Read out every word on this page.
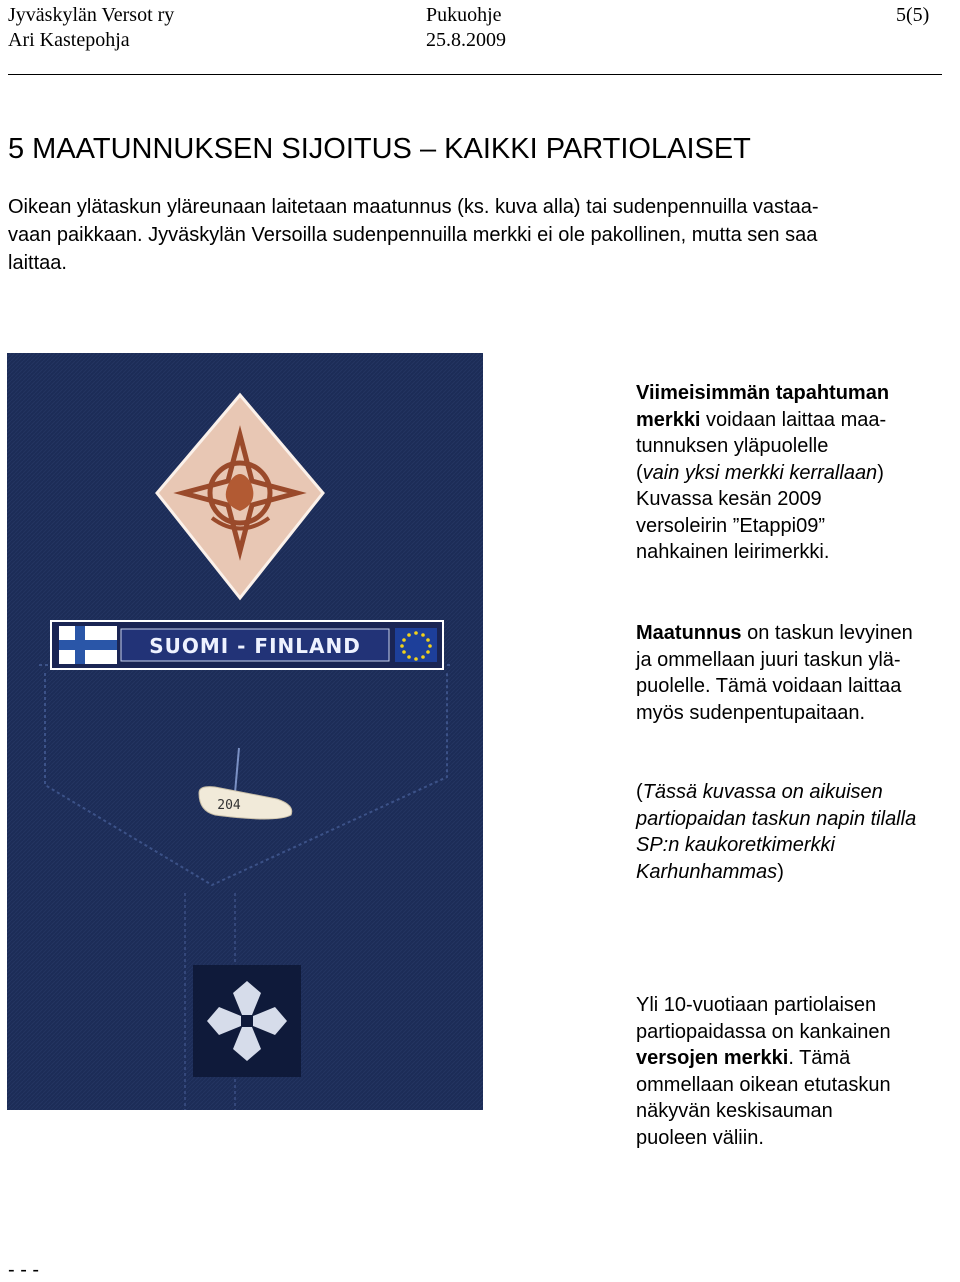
Jyväskylän Versot ry
Ari Kastepohja
Pukuohje
25.8.2009
5(5)
5 MAATUNNUKSEN SIJOITUS – KAIKKI PARTIOLAISET

Oikean ylätaskun yläreunaan laitetaan maatunnus (ks. kuva alla) tai sudenpennuilla vastaa-

vaan paikkaan. Jyväskylän Versoilla sudenpennuilla merkki ei ole pakollinen, mutta sen saa

laittaa.

SUOMI - FINLAND
204

Viimeisimmän tapahtuman

merkki voidaan laittaa maa-

tunnuksen yläpuolelle

(vain yksi merkki kerrallaan)

Kuvassa kesän 2009

versoleirin ”Etappi09”

nahkainen leirimerkki.

Maatunnus on taskun levyinen

ja ommellaan juuri taskun ylä-

puolelle. Tämä voidaan laittaa

myös sudenpentupaitaan.

(Tässä kuvassa on aikuisen

partiopaidan taskun napin tilalla

SP:n kaukoretkimerkki

Karhunhammas)

Yli 10-vuotiaan partiolaisen

partiopaidassa on kankainen

versojen merkki. Tämä

ommellaan oikean etutaskun

näkyvän keskisauman

puoleen väliin.

- - -
